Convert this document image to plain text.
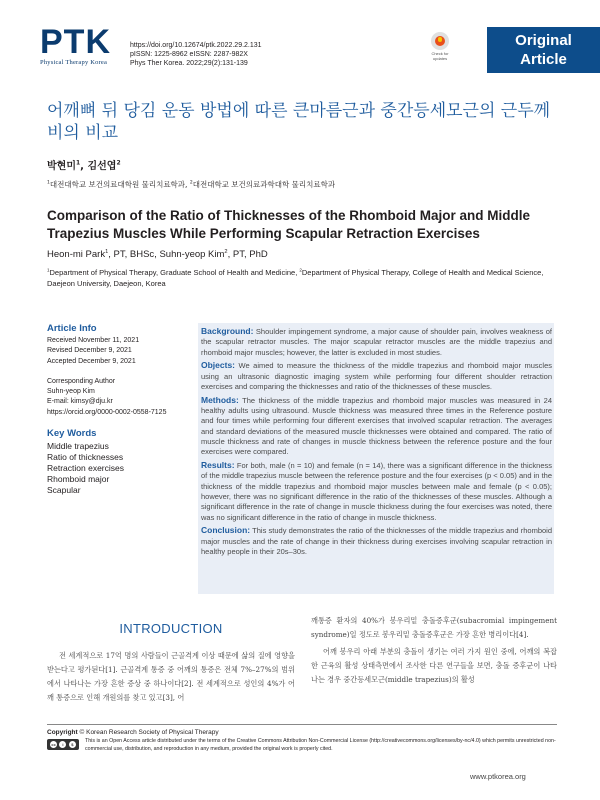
PTK
Physical Therapy Korea
https://doi.org/10.12674/ptk.2022.29.2.131
pISSN: 1225-8962 eISSN: 2287-982X
Phys Ther Korea. 2022;29(2):131-139
Check for
updates
Original
Article
어깨뼈 뒤 당김 운동 방법에 따른 큰마름근과 중간등세모근의 근두께비의 비교
박현미$^1$, 김선엽$^2$
$^1$대전대학교 보건의료대학원 물리치료학과, $^2$대전대학교 보건의료과학대학 물리치료학과
Comparison of the Ratio of Thicknesses of the Rhomboid Major and Middle Trapezius Muscles While Performing Scapular Retraction Exercises
Heon-mi Park$^1$, PT, BHSc, Suhn-yeop Kim$^2$, PT, PhD
$^1$Department of Physical Therapy, Graduate School of Health and Medicine, $^2$Department of Physical Therapy, College of Health and Medical Science, Daejeon University, Daejeon, Korea
Article Info
Received November 11, 2021
Revised December 9, 2021
Accepted December 9, 2021
Corresponding Author
Suhn-yeop Kim
E-mail: kimsy@dju.kr
https://orcid.org/0000-0002-0558-7125
Key Words
Middle trapezius
Ratio of thicknesses
Retraction exercises
Rhomboid major
Scapular

Background: Shoulder impingement syndrome, a major cause of shoulder pain, involves weakness of the scapular retractor muscles. The major scapular retractor muscles are the middle trapezius and rhomboid major muscles; however, the latter is excluded in most studies.

Objects: We aimed to measure the thickness of the middle trapezius and rhomboid major muscles using an ultrasonic diagnostic imaging system while performing four different shoulder retraction exercises and comparing the thicknesses and ratio of the thicknesses of these muscles.

Methods: The thickness of the middle trapezius and rhomboid major muscles was measured in 24 healthy adults using ultrasound. Muscle thickness was measured three times in the Reference posture and four times while performing four different exercises that involved scapular retraction. The averages and standard deviations of the measured muscle thicknesses were obtained and compared. The ratio of muscle thickness and rate of changes in muscle thickness between the reference posture and the four exercises were compared.

Results: For both, male (n = 10) and female (n = 14), there was a significant difference in the thickness of the middle trapezius muscle between the reference posture and the four exercises (p < 0.05) and in the thickness of the middle trapezius and rhomboid major muscles between male and female (p < 0.05); however, there was no significant difference in the ratio of the thicknesses of these muscles. Although a significant difference in the rate of change in muscle thickness during the four exercises was noted, there was no significant difference in the ratio of change in muscle thickness.

Conclusion: This study demonstrates the ratio of the thicknesses of the middle trapezius and rhomboid major muscles and the rate of change in their thickness during exercises involving scapular retraction in healthy people in their 20s–30s.

INTRODUCTION

전 세계적으로 17억 명의 사람들이 근골격계 이상 때문에 삶의 질에 영향을 받는다고 평가된다[1]. 근골격계 통증 중 어깨의 통증은 전체 7%–27%의 범위에서 나타나는 가장 흔한 증상 중 하나이다[2]. 전 세계적으로 성인의 4%가 어깨 통증으로 인해 개원의를 찾고 있고[3], 어

깨통증 환자의 40%가 봉우리밑 충돌증후군(subacromial impingement syndrome)일 정도로 봉우리밑 충돌증후군은 가장 흔한 병리이다[4].

어깨 봉우리 아래 부분의 충돌이 생기는 여러 가지 원인 중에, 어깨의 복잡한 근육의 활성 상태측면에서 조사한 다른 연구들을 보면, 충돌 증후군이 나타나는 경우 중간등세모근(middle trapezius)의 활성

Copyright © Korean Research Society of Physical Therapy
cc	i	$
This is an Open Access article distributed under the terms of the Creative Commons Attribution Non-Commercial License (http://creativecommons.org/licenses/by-nc/4.0) which permits unrestricted non-commercial use, distribution, and reproduction in any medium, provided the original work is properly cited.
www.ptkorea.org
